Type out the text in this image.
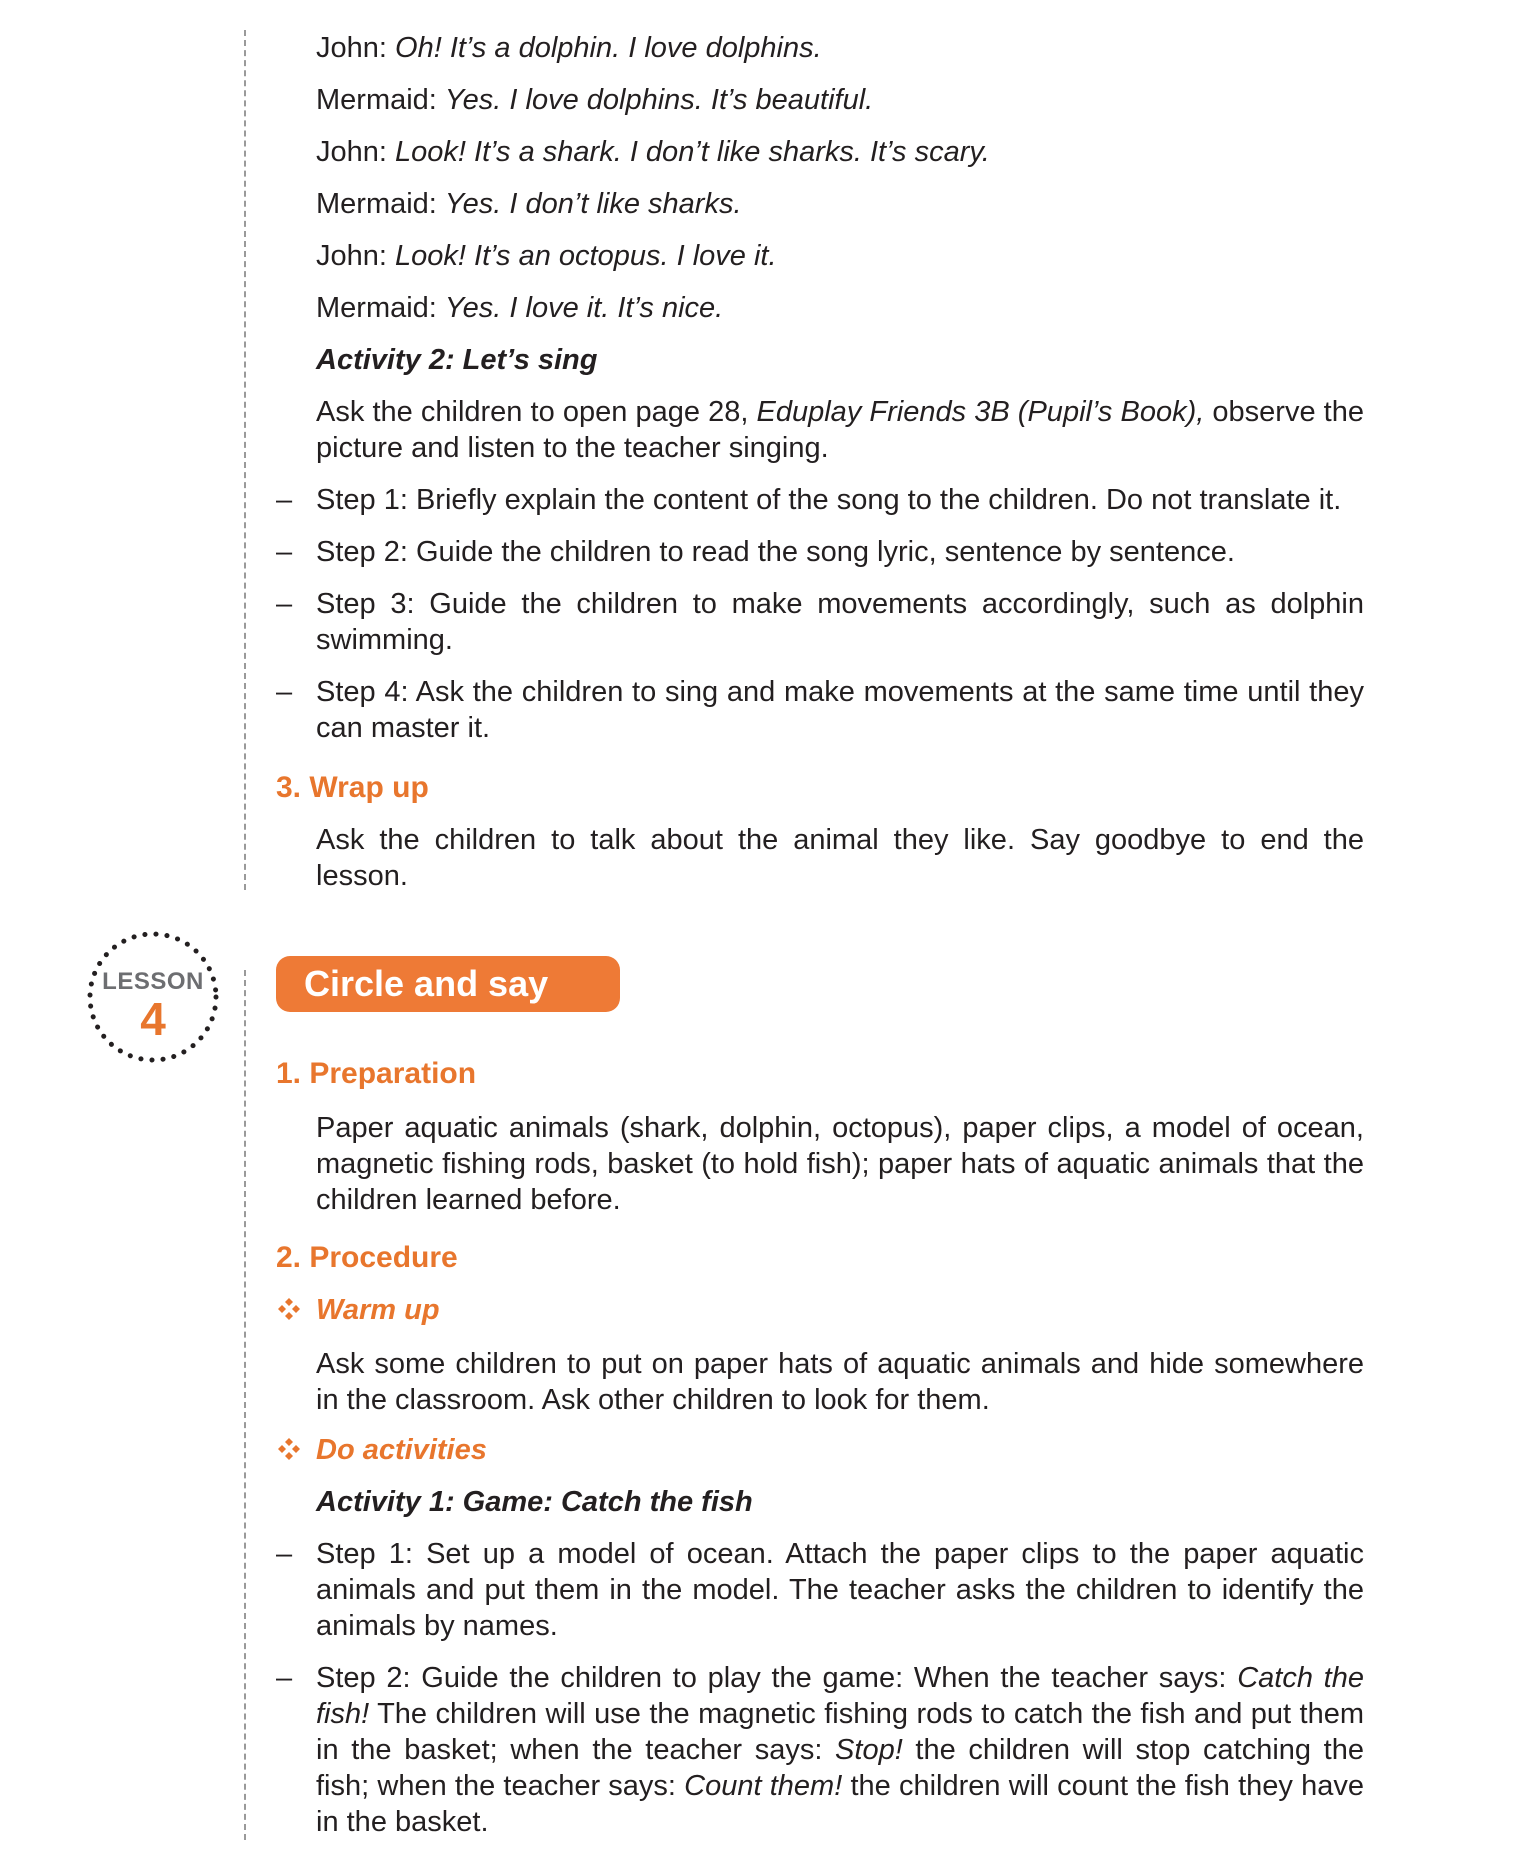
John: Oh! It’s a dolphin. I love dolphins.

Mermaid: Yes. I love dolphins. It’s beautiful.

John: Look! It’s a shark. I don’t like sharks. It’s scary.

Mermaid: Yes. I don’t like sharks.

John: Look! It’s an octopus. I love it.

Mermaid: Yes. I love it. It’s nice.

Activity 2: Let’s sing

Ask the children to open page 28, Eduplay Friends 3B (Pupil’s Book), observe the picture and listen to the teacher singing.

– Step 1: Briefly explain the content of the song to the children. Do not translate it.

– Step 2: Guide the children to read the song lyric, sentence by sentence.

– Step 3: Guide the children to make movements accordingly, such as dolphin swimming.

– Step 4: Ask the children to sing and make movements at the same time until they can master it.

3. Wrap up

Ask the children to talk about the animal they like. Say goodbye to end the lesson.

LESSON
4
Circle and say

1. Preparation

Paper aquatic animals (shark, dolphin, octopus), paper clips, a model of ocean, magnetic fishing rods, basket (to hold fish); paper hats of aquatic animals that the children learned before.

2. Procedure

Warm up

Ask some children to put on paper hats of aquatic animals and hide somewhere in the classroom. Ask other children to look for them.

Do activities

Activity 1: Game: Catch the fish

– Step 1: Set up a model of ocean. Attach the paper clips to the paper aquatic animals and put them in the model. The teacher asks the children to identify the animals by names.

– Step 2: Guide the children to play the game: When the teacher says: Catch the fish! The children will use the magnetic fishing rods to catch the fish and put them in the basket; when the teacher says: Stop! the children will stop catching the fish; when the teacher says: Count them! the children will count the fish they have in the basket.
